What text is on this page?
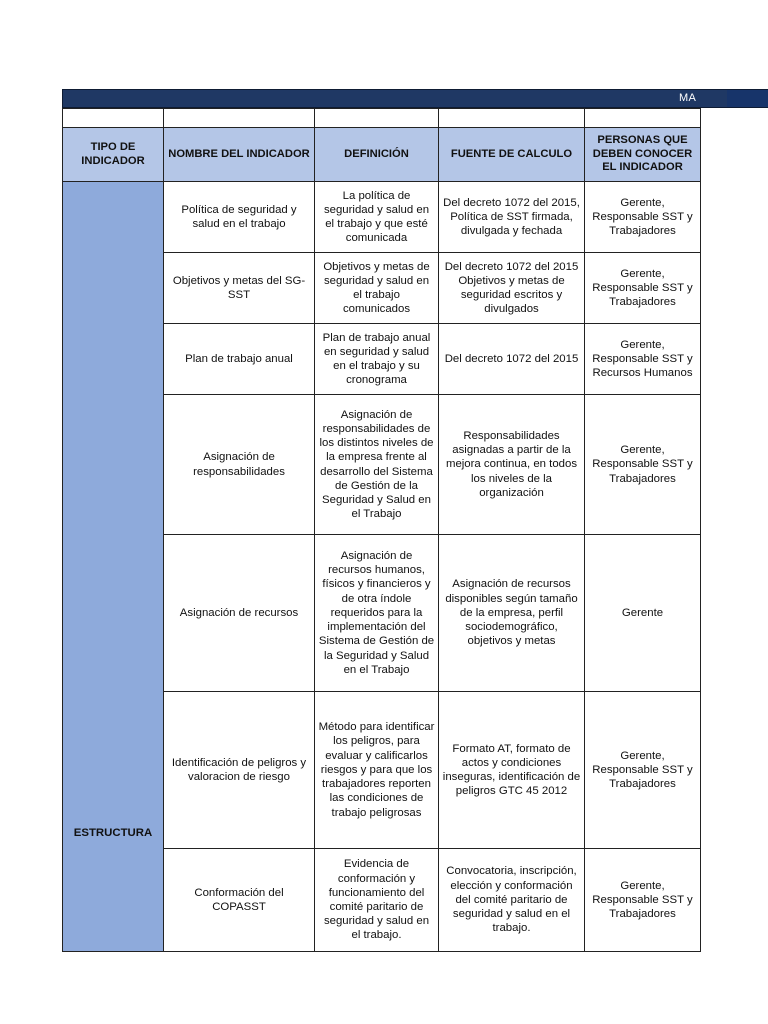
MA

TIPO DE INDICADOR	NOMBRE DEL INDICADOR	DEFINICIÓN	FUENTE DE CALCULO	PERSONAS QUE DEBEN CONOCER EL INDICADOR
ESTRUCTURA	Política de seguridad y salud en el trabajo	La política de seguridad y salud en el trabajo y que esté comunicada	Del decreto 1072 del 2015, Política de SST firmada, divulgada y fechada	Gerente, Responsable SST y Trabajadores
	Objetivos y metas del SG-SST	Objetivos y metas de seguridad y salud en el trabajo comunicados	Del decreto 1072 del 2015 Objetivos y metas de seguridad escritos y divulgados	Gerente, Responsable SST y Trabajadores
	Plan de trabajo anual	Plan de trabajo anual en seguridad y salud en el trabajo y su cronograma	Del decreto 1072 del 2015	Gerente, Responsable SST y Recursos Humanos
	Asignación de responsabilidades	Asignación de responsabilidades de los distintos niveles de la empresa frente al desarrollo del Sistema de Gestión de la Seguridad y Salud en el Trabajo	Responsabilidades asignadas a partir de la mejora continua, en todos los niveles de la organización	Gerente, Responsable SST y Trabajadores
	Asignación de recursos	Asignación de recursos humanos, físicos y financieros y de otra índole requeridos para la implementación del Sistema de Gestión de la Seguridad y Salud en el Trabajo	Asignación de recursos disponibles según tamaño de la empresa, perfil sociodemográfico, objetivos y metas	Gerente
	Identificación de peligros y valoracion de riesgo	Método para identificar los peligros, para evaluar y calificarlos riesgos y para que los trabajadores reporten las condiciones de trabajo peligrosas	Formato AT, formato de actos y condiciones inseguras, identificación de peligros GTC 45 2012	Gerente, Responsable SST y Trabajadores
	Conformación del COPASST	Evidencia de conformación y funcionamiento del comité paritario de seguridad y salud en el trabajo.	Convocatoria, inscripción, elección y conformación del comité paritario de seguridad y salud en el trabajo.	Gerente, Responsable SST y Trabajadores
